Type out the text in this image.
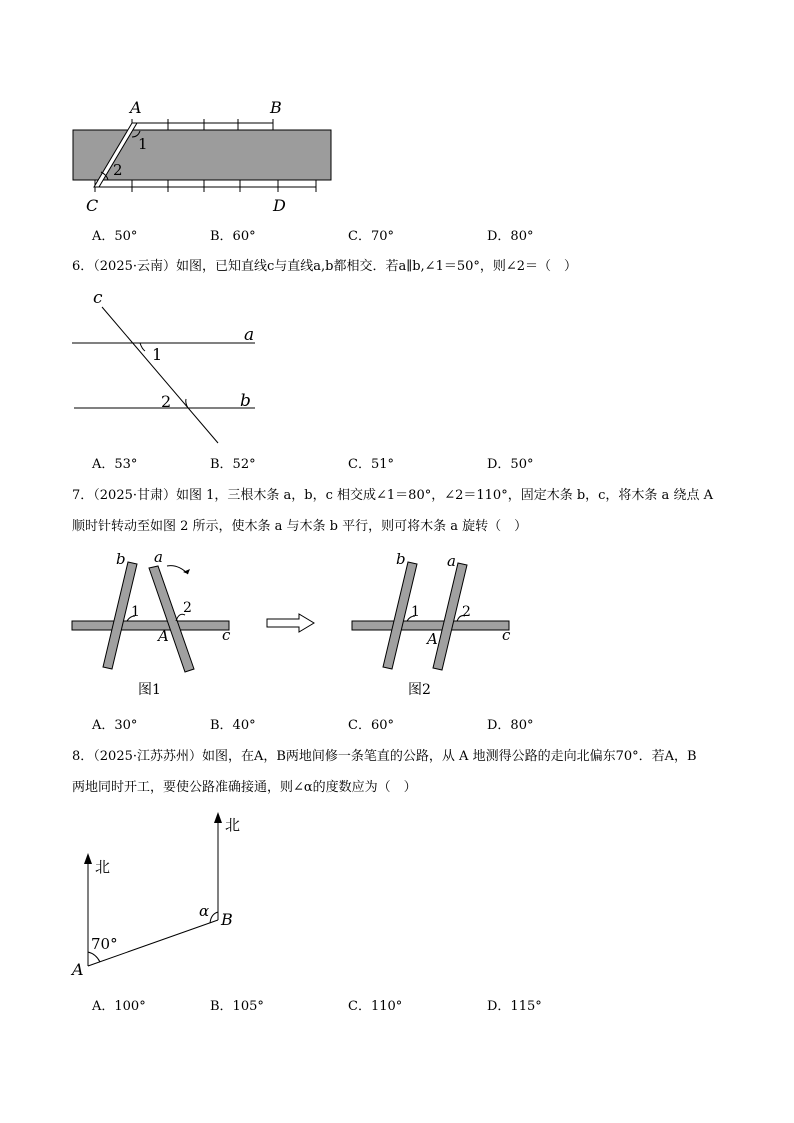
A	B
C	D
1
2
A．50°	B．60°	C．70°	D．80°
6．（2025·云南）如图，已知直线c与直线a,b都相交．若a∥b,∠1＝50°，则∠2＝（　）
c
a
b
1
2
A．53°	B．52°	C．51°	D．50°
7．（2025·甘肃）如图 1，三根木条 a，b，c 相交成∠1＝80°，∠2＝110°，固定木条 b，c，将木条 a 绕点 A
顺时针转动至如图 2 所示，使木条 a 与木条 b 平行，则可将木条 a 旋转（　）
b a
c
A
1	2
图1
b	a
c
A
1	2
图2
A．30°	B．40°	C．60°	D．80°
8．（2025·江苏苏州）如图，在A，B两地间修一条笔直的公路，从 A 地测得公路的走向北偏东70°．若A，B
两地同时开工，要使公路准确接通，则∠α的度数应为（　）
北
北
70°
α
A
B
A．100°	B．105°	C．110°	D．115°
